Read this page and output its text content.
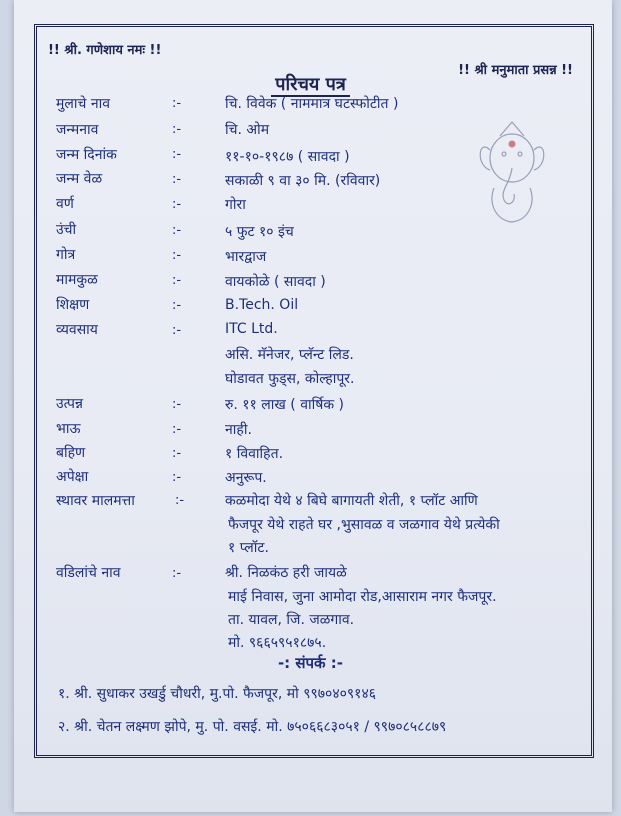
!! श्री. गणेशाय नमः !!
!! श्री मनुमाता प्रसन्न !!
परिचय पत्र
मुलाचे नाव	:-	चि. विवेक ( नाममात्र घटस्फोटीत )
जन्मनाव	:-	चि. ओम
जन्म दिनांक	:-	११-१०-१९८७ ( सावदा )
जन्म वेळ	:-	सकाळी ९ वा ३० मि. (रविवार)
वर्ण	:-	गोरा
उंची	:-	५ फुट १० इंच
गोत्र	:-	भारद्वाज
मामकुळ	:-	वायकोळे ( सावदा )
शिक्षण	:-	B.Tech. Oil
व्यवसाय	:-	ITC Ltd.
असि. मॅनेजर, प्लॅन्ट लिड.
घोडावत फुड्स, कोल्हापूर.
उत्पन्न	:-	रु. ११ लाख ( वार्षिक )
भाऊ	:-	नाही.
बहिण	:-	१ विवाहित.
अपेक्षा	:-	अनुरूप.
स्थावर मालमत्ता	:-	कळमोदा येथे ४ बिघे बागायती शेती, १ प्लॉट आणि
फैजपूर येथे राहते घर ,भुसावळ व जळगाव येथे प्रत्येकी
१ प्लॉट.
वडिलांचे नाव	:-	श्री. निळकंठ हरी जायळे
माई निवास, जुना आमोदा रोड,आसाराम नगर फैजपूर.
ता. यावल, जि. जळगाव.
मो. ९६६५९५१८७५.
-: संपर्क :-
१. श्री. सुधाकर उखर्डु चौधरी, मु.पो. फैजपूर, मो ९९७०४०९१४६
२. श्री. चेतन लक्ष्मण झोपे, मु. पो. वसई. मो. ७५०६६८३०५१ / ९९७०८५८८७९
